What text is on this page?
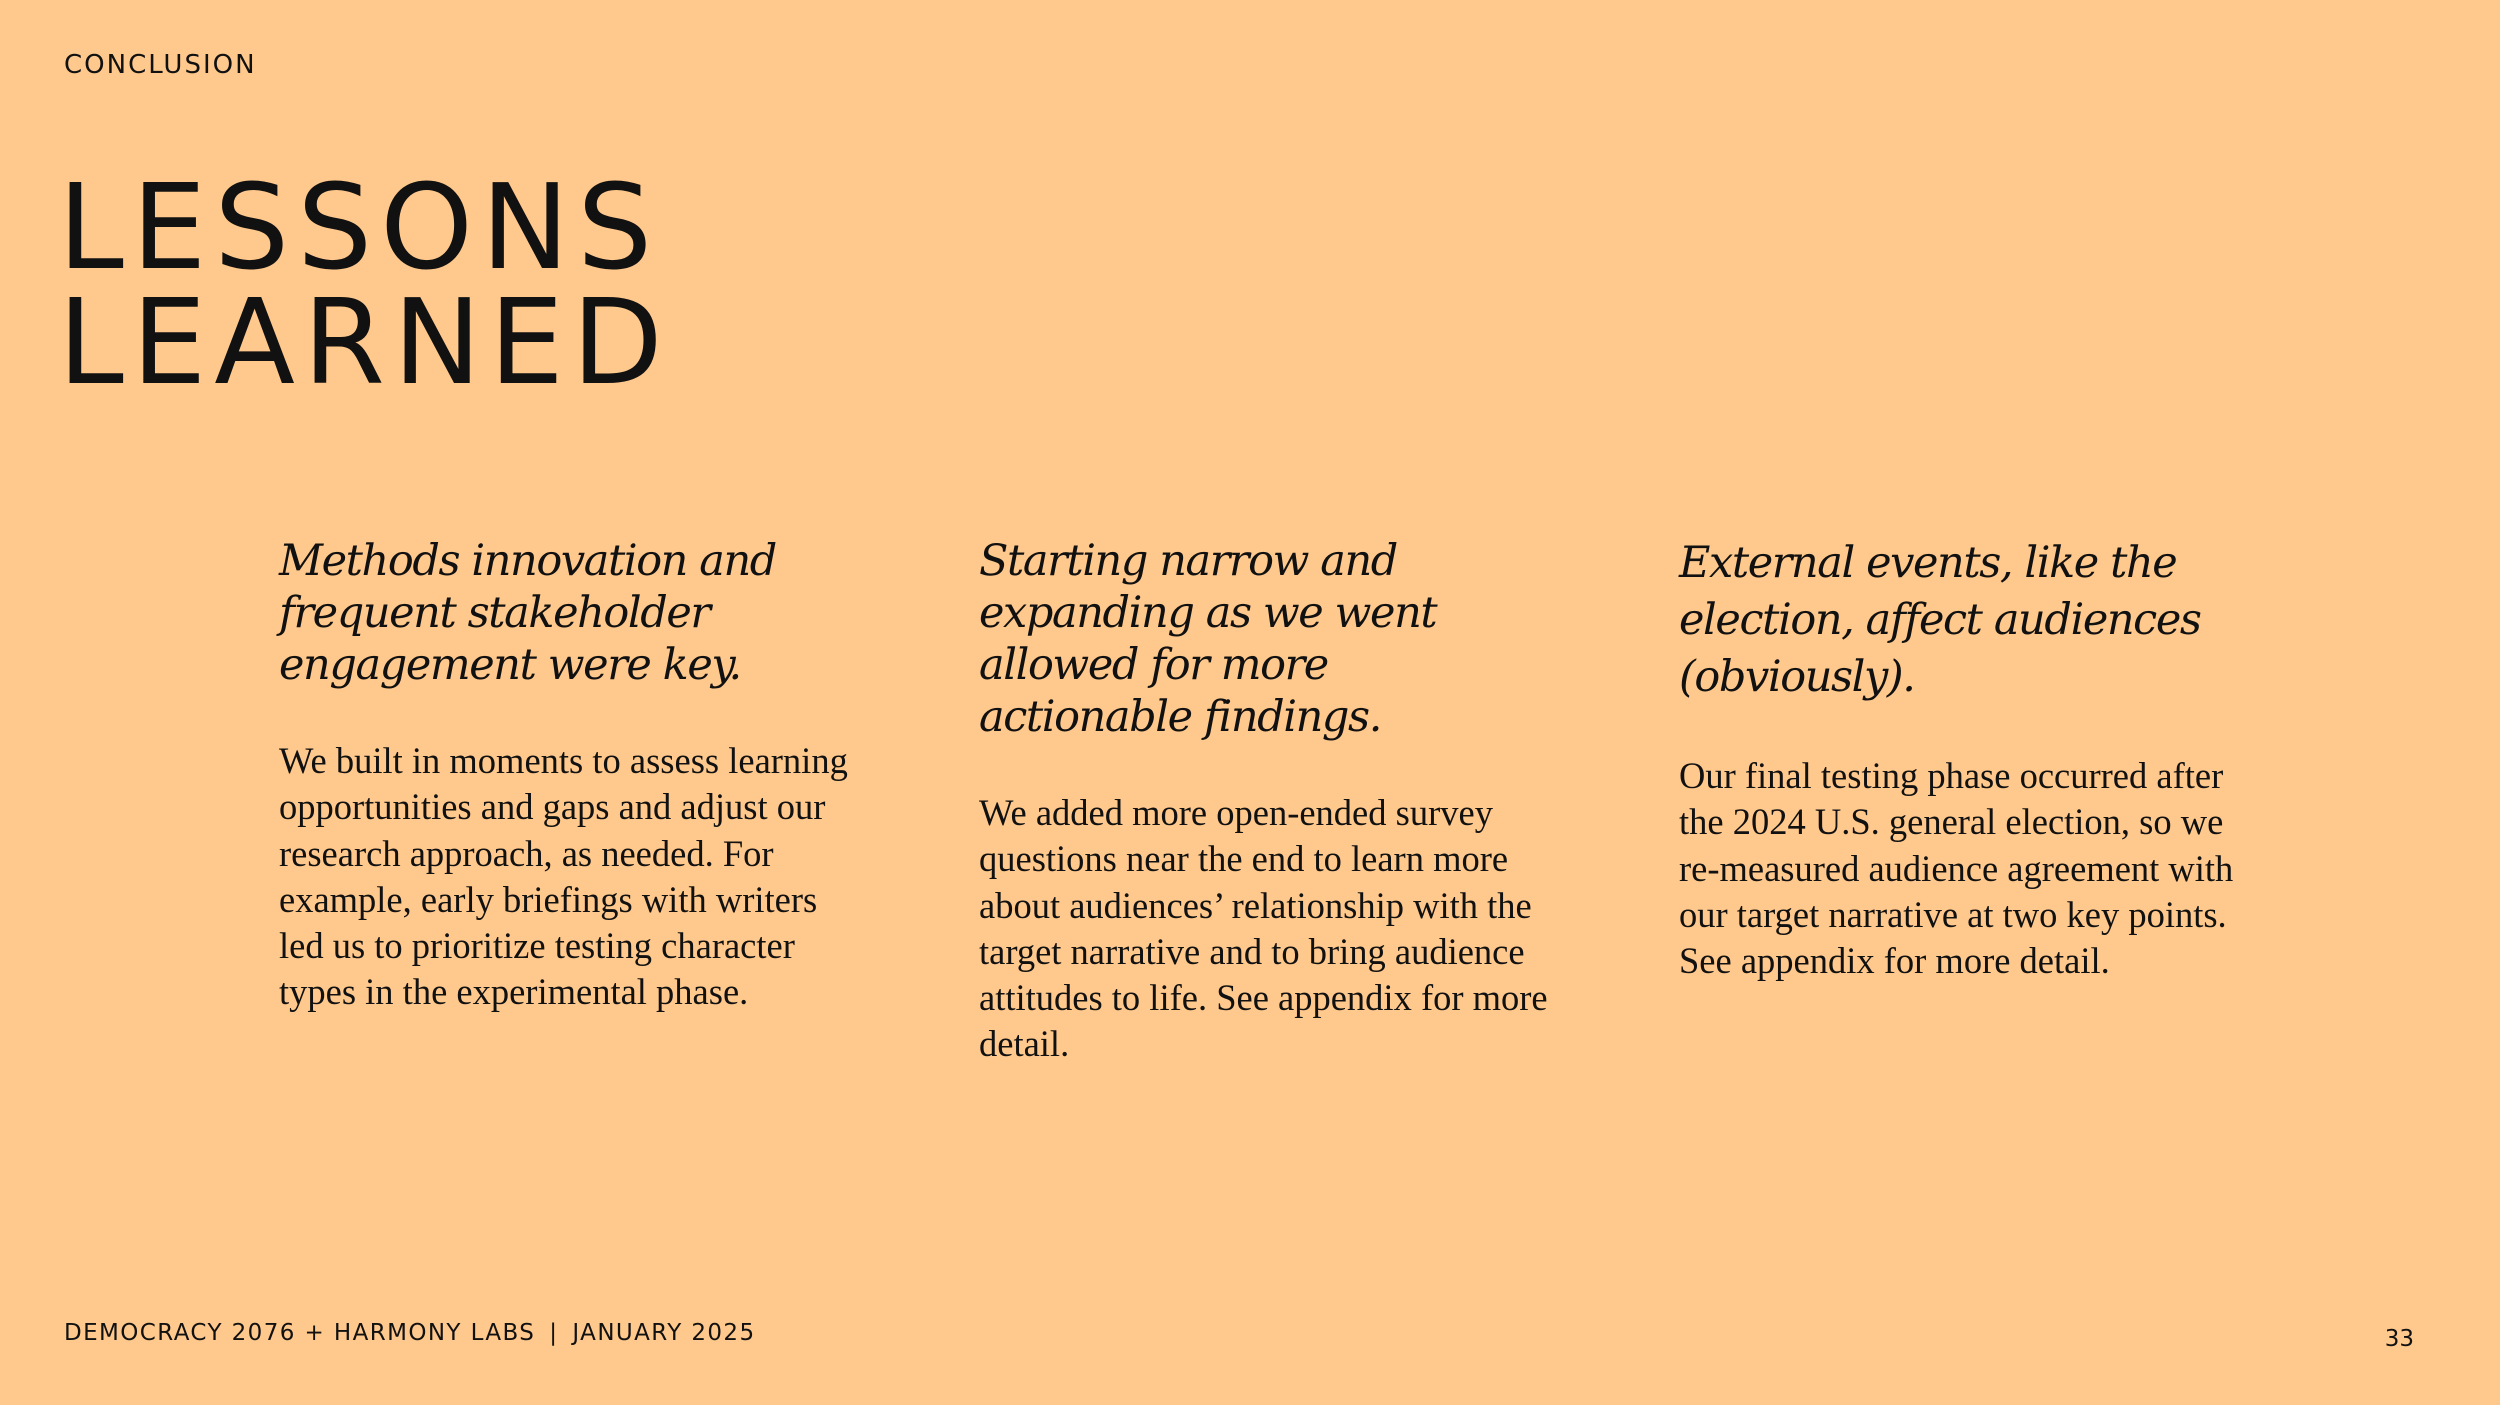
CONCLUSION
LESSONS
LEARNED
Methods innovation and frequent stakeholder engagement were key.

We built in moments to assess learning opportunities and gaps and adjust our research approach, as needed. For example, early briefings with writers led us to prioritize testing character types in the experimental phase.

Starting narrow and expanding as we went allowed for more actionable findings.

We added more open-ended survey questions near the end to learn more about audiences’ relationship with the target narrative and to bring audience attitudes to life. See appendix for more detail.

External events, like the election, affect audiences (obviously).

Our final testing phase occurred after the 2024 U.S. general election, so we re-measured audience agreement with our target narrative at two key points. See appendix for more detail.

DEMOCRACY 2076 + HARMONY LABS | JANUARY 2025	33
